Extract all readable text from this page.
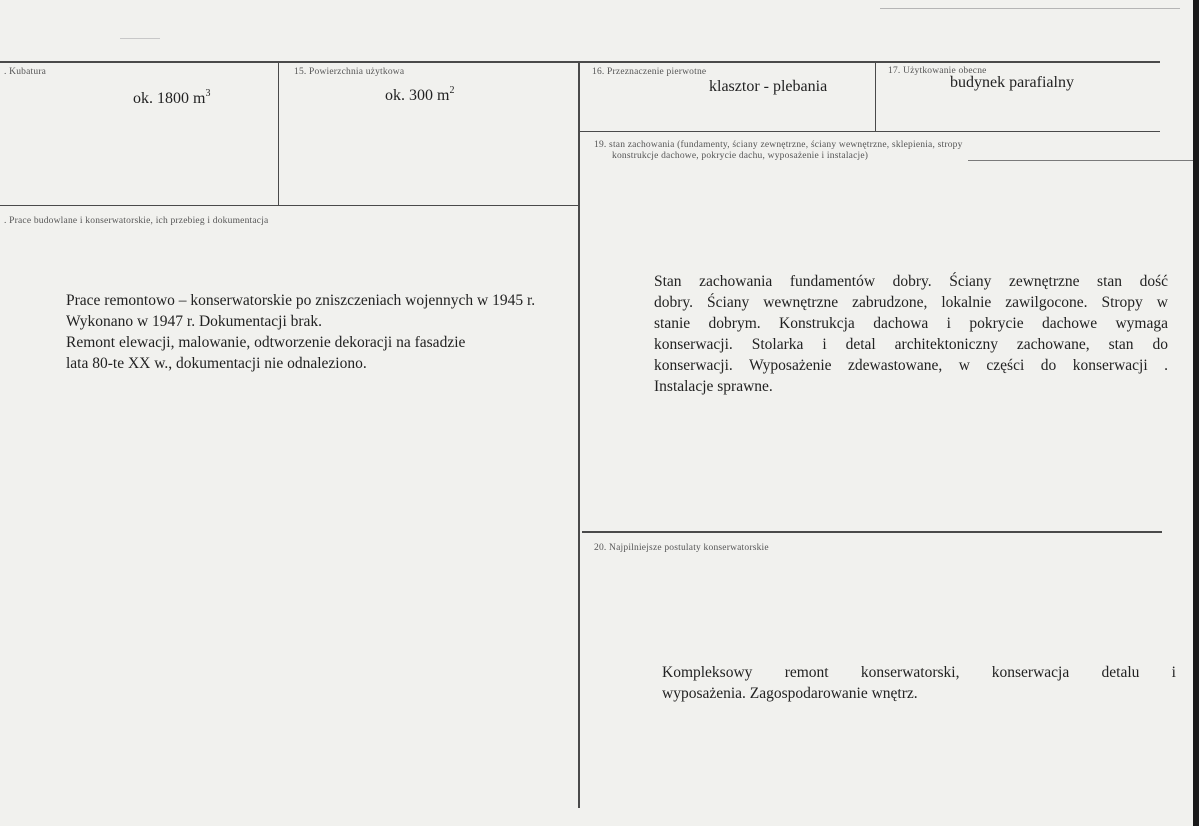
. Kubatura
ok. 1800 $m^3$
15. Powierzchnia użytkowa
ok. 300 $m^2$
16. Przeznaczenie pierwotne
klasztor - plebania
17. Użytkowanie obecne
budynek parafialny
19. stan zachowania (fundamenty, ściany zewnętrzne, ściany wewnętrzne, sklepienia, stropy
konstrukcje dachowe, pokrycie dachu, wyposażenie i instalacje)
Stan zachowania fundamentów dobry. Ściany zewnętrzne stan dość
dobry. Ściany wewnętrzne zabrudzone, lokalnie zawilgocone. Stropy w
stanie dobrym. Konstrukcja dachowa i pokrycie dachowe wymaga
konserwacji. Stolarka i detal architektoniczny zachowane, stan do
konserwacji. Wyposażenie zdewastowane, w części do konserwacji .
Instalacje sprawne.
. Prace budowlane i konserwatorskie, ich przebieg i dokumentacja
Prace remontowo – konserwatorskie po zniszczeniach wojennych w 1945 r.
Wykonano w 1947 r. Dokumentacji brak.
Remont elewacji, malowanie, odtworzenie dekoracji na fasadzie
lata 80-te XX w., dokumentacji nie odnaleziono.
20. Najpilniejsze postulaty konserwatorskie
Kompleksowy remont konserwatorski, konserwacja detalu i
wyposażenia. Zagospodarowanie wnętrz.
